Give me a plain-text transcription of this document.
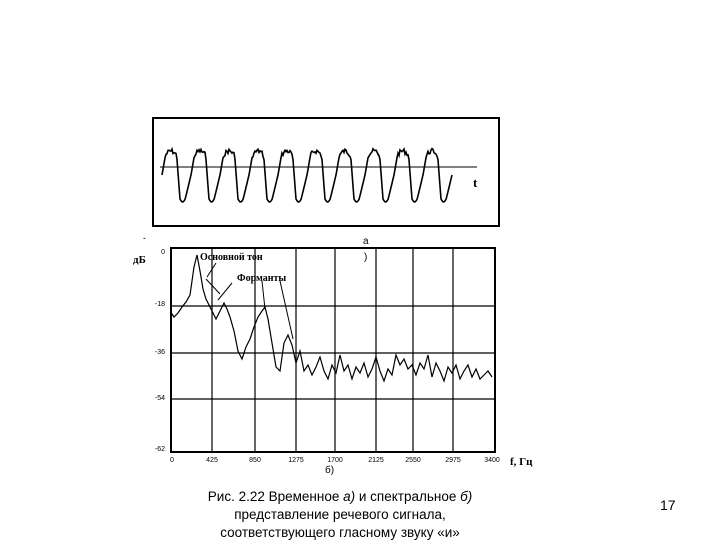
t
-	а
)
дБ	Основной тон
Форманты
0
-18
-36
-54
-62
0	425	850	1275	1700	2125	2550	2975	3400 f, Гц
б)
Рис. 2.22 Временное а) и спектральное б)
представление речевого сигнала,
соответствующего гласному звуку «и»
17
